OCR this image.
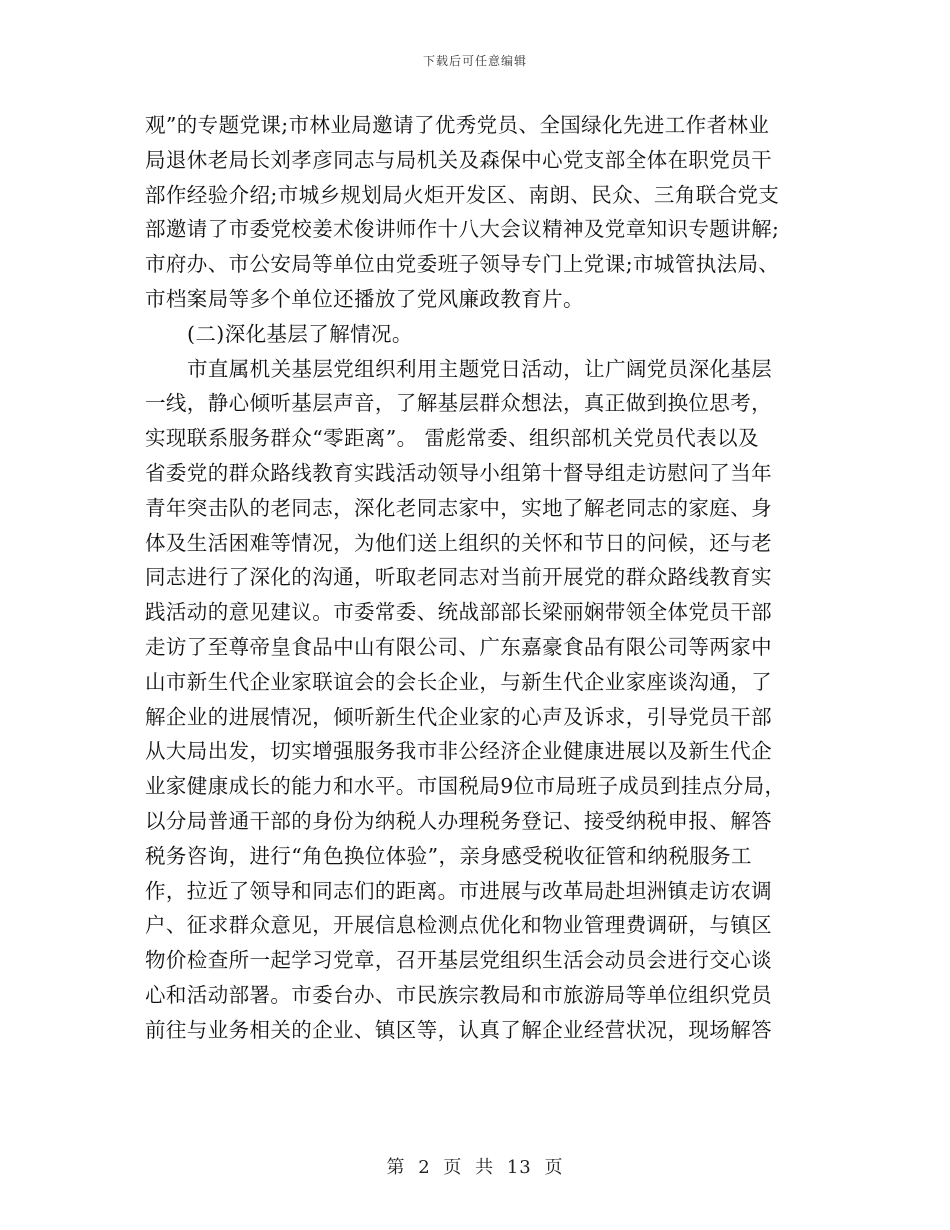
下载后可任意编辑
观”的专题党课;市林业局邀请了优秀党员、全国绿化先进工作者林业
局退休老局长刘孝彦同志与局机关及森保中心党支部全体在职党员干
部作经验介绍;市城乡规划局火炬开发区、南朗、民众、三角联合党支
部邀请了市委党校姜术俊讲师作十八大会议精神及党章知识专题讲解;
市府办、市公安局等单位由党委班子领导专门上党课;市城管执法局、
市档案局等多个单位还播放了党风廉政教育片。
(二)深化基层了解情况。
市直属机关基层党组织利用主题党日活动，让广阔党员深化基层
一线，静心倾听基层声音，了解基层群众想法，真正做到换位思考，
实现联系服务群众“零距离”。 雷彪常委、组织部机关党员代表以及
省委党的群众路线教育实践活动领导小组第十督导组走访慰问了当年
青年突击队的老同志，深化老同志家中，实地了解老同志的家庭、身
体及生活困难等情况，为他们送上组织的关怀和节日的问候，还与老
同志进行了深化的沟通，听取老同志对当前开展党的群众路线教育实
践活动的意见建议。市委常委、统战部部长梁丽娴带领全体党员干部
走访了至尊帝皇食品中山有限公司、广东嘉豪食品有限公司等两家中
山市新生代企业家联谊会的会长企业，与新生代企业家座谈沟通，了
解企业的进展情况，倾听新生代企业家的心声及诉求，引导党员干部
从大局出发，切实增强服务我市非公经济企业健康进展以及新生代企
业家健康成长的能力和水平。市国税局9位市局班子成员到挂点分局，
以分局普通干部的身份为纳税人办理税务登记、接受纳税申报、解答
税务咨询，进行“角色换位体验”，亲身感受税收征管和纳税服务工
作，拉近了领导和同志们的距离。市进展与改革局赴坦洲镇走访农调
户、征求群众意见，开展信息检测点优化和物业管理费调研，与镇区
物价检查所一起学习党章，召开基层党组织生活会动员会进行交心谈
心和活动部署。市委台办、市民族宗教局和市旅游局等单位组织党员
前往与业务相关的企业、镇区等，认真了解企业经营状况，现场解答
第 2 页 共 13 页
